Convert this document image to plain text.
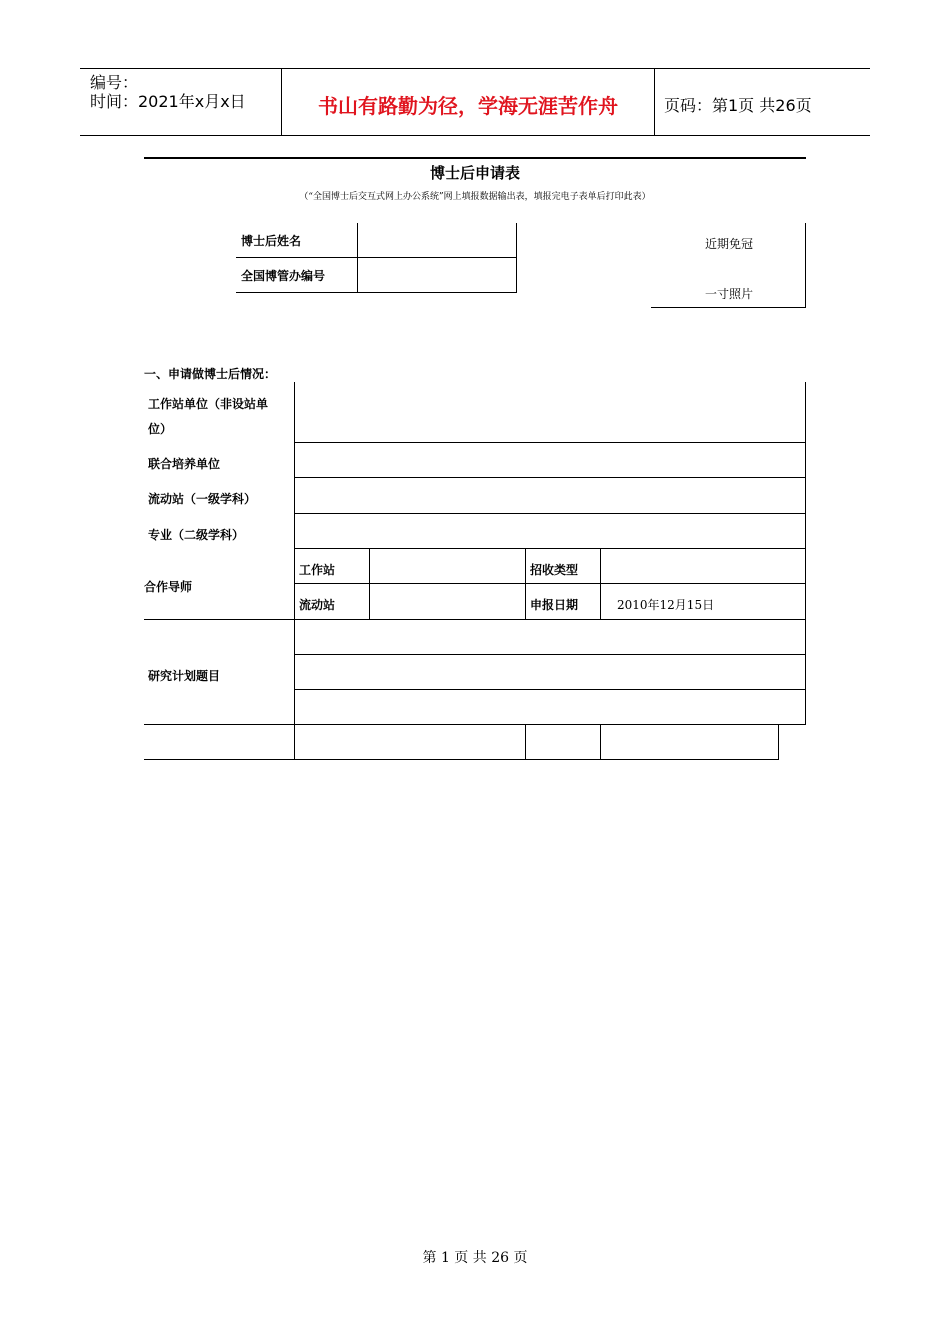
编号：
时间：2021年x月x日	书山有路勤为径，学海无涯苦作舟	页码：第1页 共26页
博士后申请表
（“全国博士后交互式网上办公系统”网上填报数据输出表，填报完电子表单后打印此表）
博士后姓名	
全国博管办编号	
近期免冠
一寸照片
一、申请做博士后情况：
工作站单位（非设站单
位）
联合培养单位
流动站（一级学科）
专业（二级学科）
合作导师
工作站	招收类型
流动站	申报日期	2010年12月15日
研究计划题目
第 1 页 共 26 页
